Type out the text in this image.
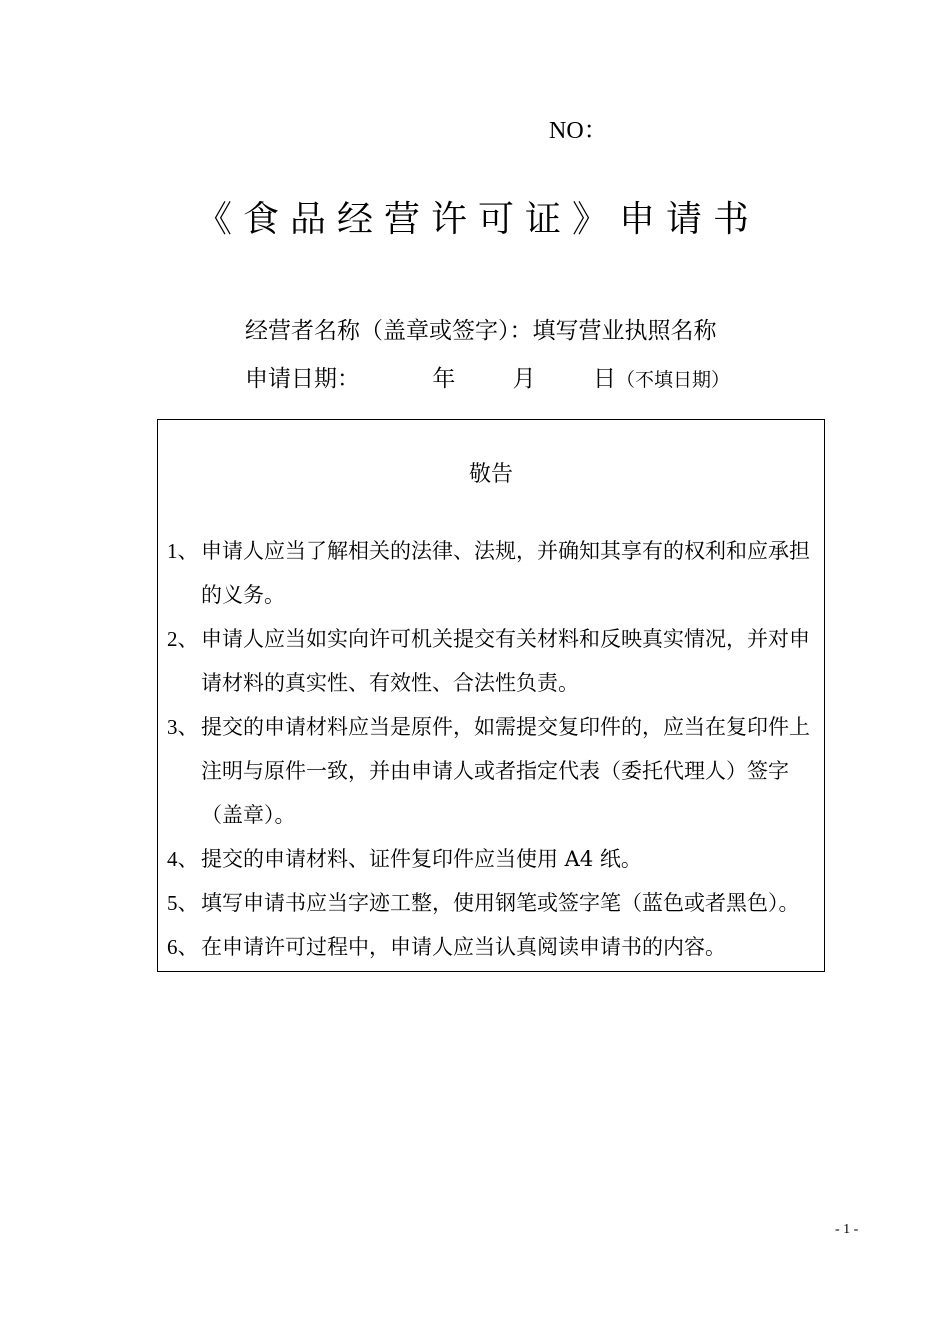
NO：
《食品经营许可证》申请书
经营者名称（盖章或签字）：填写营业执照名称
申请日期：	年 月 日（不填日期）
敬告
1、 申请人应当了解相关的法律、法规，并确知其享有的权利和应承担的义务。
2、 申请人应当如实向许可机关提交有关材料和反映真实情况，并对申请材料的真实性、有效性、合法性负责。
3、 提交的申请材料应当是原件，如需提交复印件的，应当在复印件上注明与原件一致，并由申请人或者指定代表（委托代理人）签字（盖章）。
4、 提交的申请材料、证件复印件应当使用 A4 纸。
5、 填写申请书应当字迹工整，使用钢笔或签字笔（蓝色或者黑色）。
6、 在申请许可过程中，申请人应当认真阅读申请书的内容。
- 1 -
